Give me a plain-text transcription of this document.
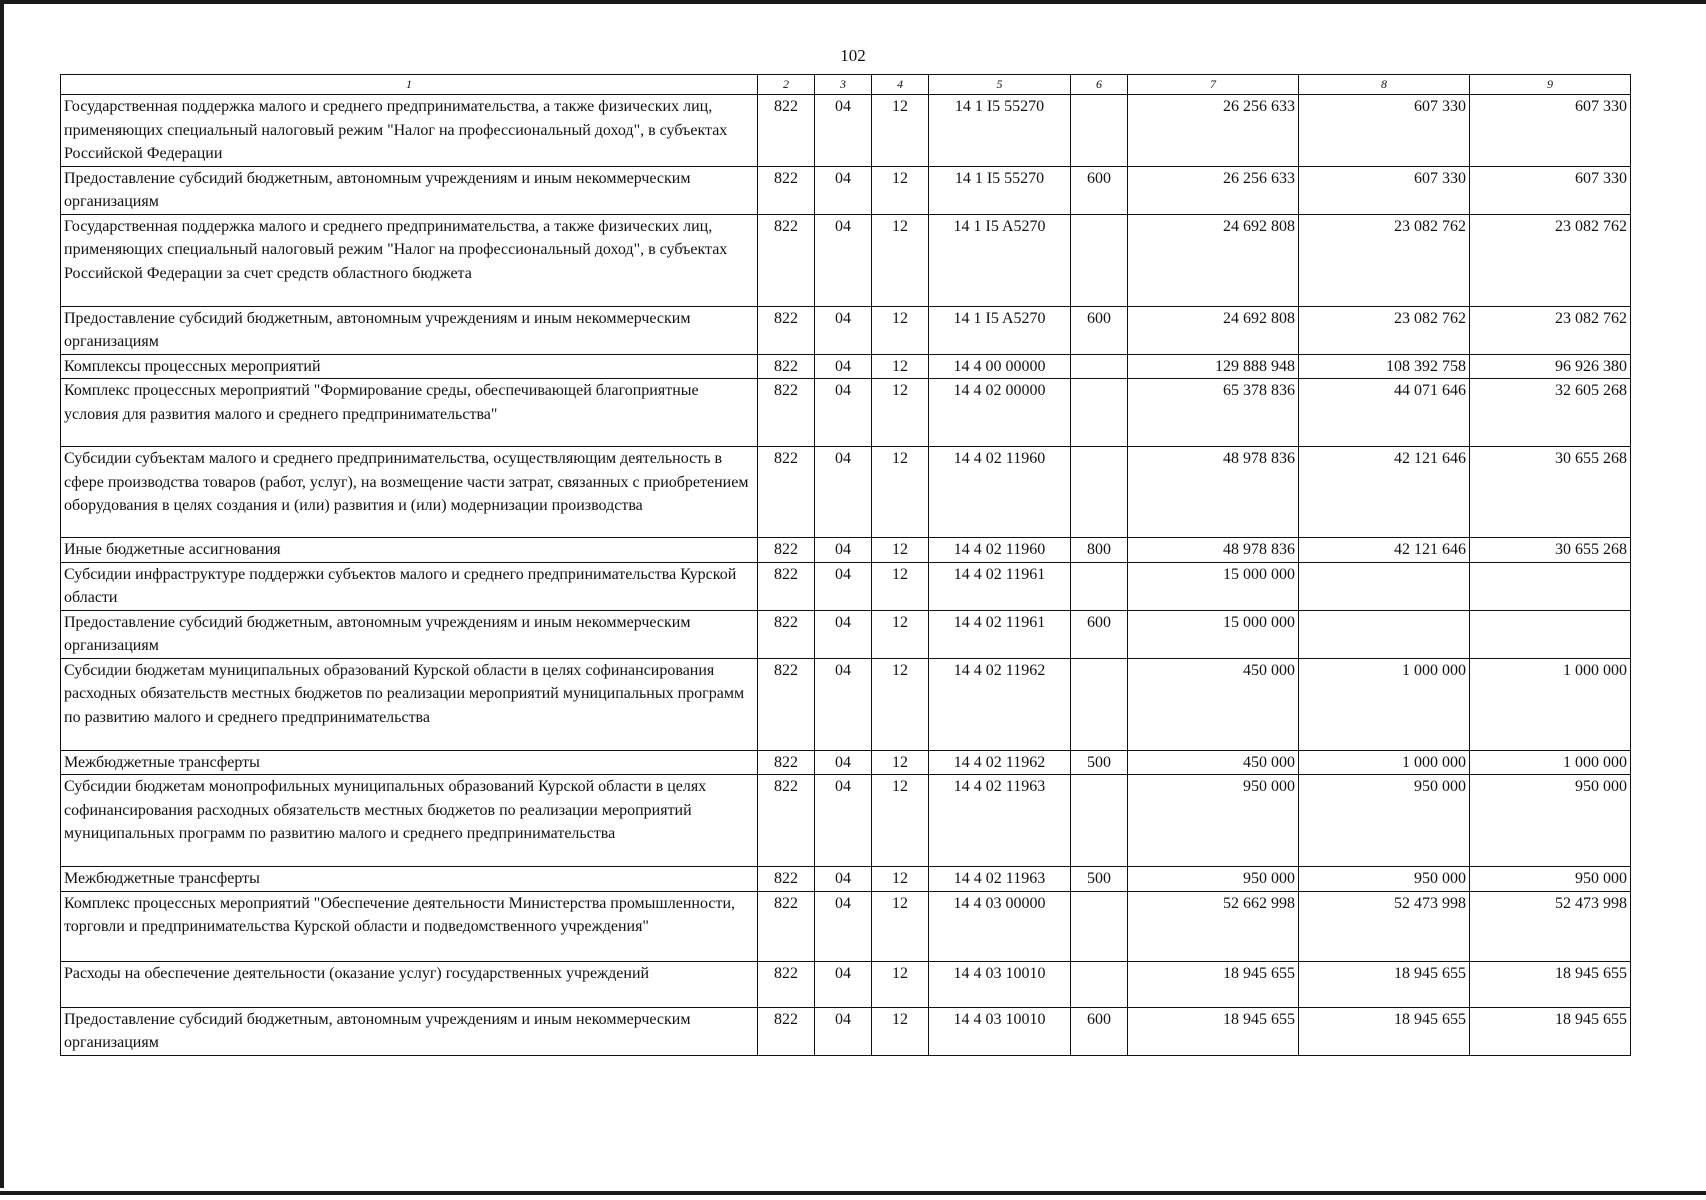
102
1	2	3	4	5	6	7	8	9
Государственная поддержка малого и среднего предпринимательства, а также физических лиц, применяющих специальный налоговый режим "Налог на профессиональный доход", в субъектах Российской Федерации	822	04	12	14 1 I5 55270		26 256 633	607 330	607 330
Предоставление субсидий бюджетным, автономным учреждениям и иным некоммерческим организациям	822	04	12	14 1 I5 55270	600	26 256 633	607 330	607 330
Государственная поддержка малого и среднего предпринимательства, а также физических лиц, применяющих специальный налоговый режим "Налог на профессиональный доход", в субъектах Российской Федерации за счет средств областного бюджета	822	04	12	14 1 I5 A5270		24 692 808	23 082 762	23 082 762
Предоставление субсидий бюджетным, автономным учреждениям и иным некоммерческим организациям	822	04	12	14 1 I5 A5270	600	24 692 808	23 082 762	23 082 762
Комплексы процессных мероприятий	822	04	12	14 4 00 00000		129 888 948	108 392 758	96 926 380
Комплекс процессных мероприятий "Формирование среды, обеспечивающей благоприятные условия для развития малого и среднего предпринимательства"	822	04	12	14 4 02 00000		65 378 836	44 071 646	32 605 268
Субсидии субъектам малого и среднего предпринимательства, осуществляющим деятельность в сфере производства товаров (работ, услуг), на возмещение части затрат, связанных с приобретением оборудования в целях создания и (или) развития и (или) модернизации производства	822	04	12	14 4 02 11960		48 978 836	42 121 646	30 655 268
Иные бюджетные ассигнования	822	04	12	14 4 02 11960	800	48 978 836	42 121 646	30 655 268
Субсидии инфраструктуре поддержки субъектов малого и среднего предпринимательства Курской области	822	04	12	14 4 02 11961		15 000 000		
Предоставление субсидий бюджетным, автономным учреждениям и иным некоммерческим организациям	822	04	12	14 4 02 11961	600	15 000 000		
Субсидии бюджетам муниципальных образований Курской области в целях софинансирования расходных обязательств местных бюджетов по реализации мероприятий муниципальных программ по развитию малого и среднего предпринимательства	822	04	12	14 4 02 11962		450 000	1 000 000	1 000 000
Межбюджетные трансферты	822	04	12	14 4 02 11962	500	450 000	1 000 000	1 000 000
Субсидии бюджетам монопрофильных муниципальных образований Курской области в целях софинансирования расходных обязательств местных бюджетов по реализации мероприятий муниципальных программ по развитию малого и среднего предпринимательства	822	04	12	14 4 02 11963		950 000	950 000	950 000
Межбюджетные трансферты	822	04	12	14 4 02 11963	500	950 000	950 000	950 000
Комплекс процессных мероприятий "Обеспечение деятельности Министерства промышленности, торговли и предпринимательства Курской области и подведомственного учреждения"	822	04	12	14 4 03 00000		52 662 998	52 473 998	52 473 998
Расходы на обеспечение деятельности (оказание услуг) государственных учреждений	822	04	12	14 4 03 10010		18 945 655	18 945 655	18 945 655
Предоставление субсидий бюджетным, автономным учреждениям и иным некоммерческим организациям	822	04	12	14 4 03 10010	600	18 945 655	18 945 655	18 945 655
